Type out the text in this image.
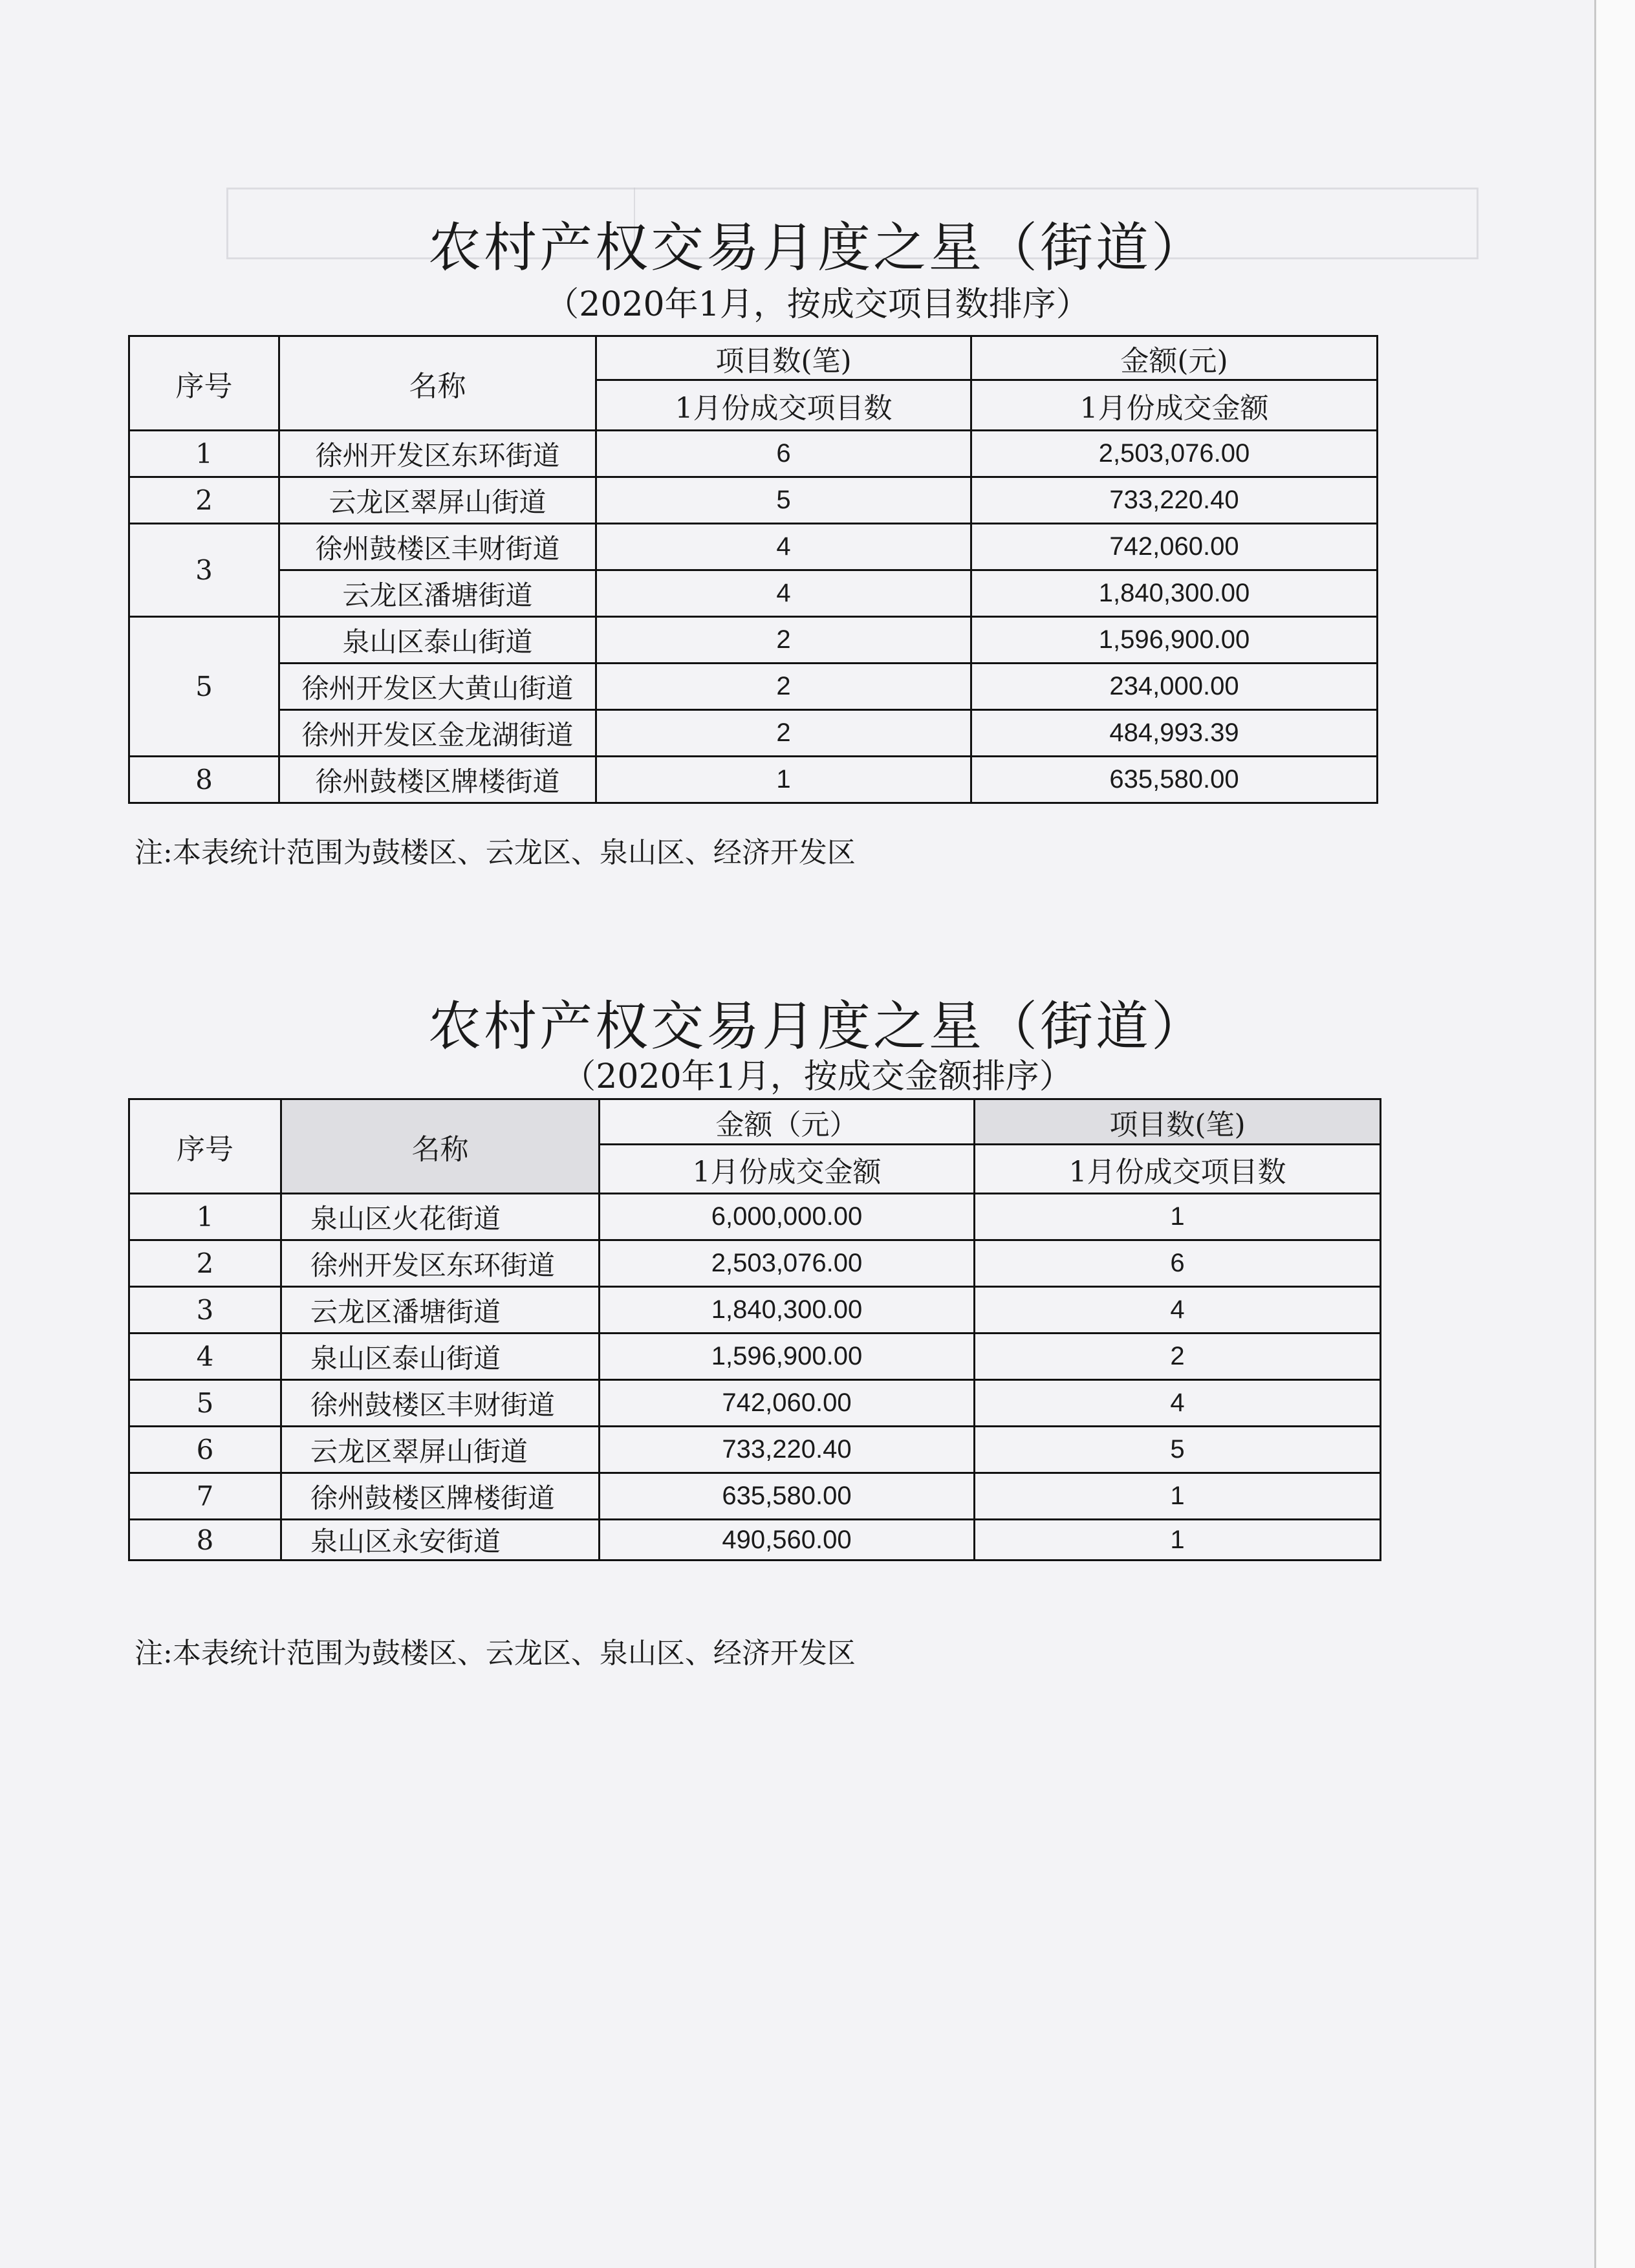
农村产权交易月度之星（街道）
（2020年1月，按成交项目数排序）
序号	名称	项目数(笔)	金额(元)
		1月份成交项目数	1月份成交金额
1	徐州开发区东环街道	6	2,503,076.00
2	云龙区翠屏山街道	5	733,220.40
3	徐州鼓楼区丰财街道	4	742,060.00
	云龙区潘塘街道	4	1,840,300.00
5	泉山区泰山街道	2	1,596,900.00
	徐州开发区大黄山街道	2	234,000.00
	徐州开发区金龙湖街道	2	484,993.39
8	徐州鼓楼区牌楼街道	1	635,580.00
注:本表统计范围为鼓楼区、云龙区、泉山区、经济开发区
农村产权交易月度之星（街道）
（2020年1月，按成交金额排序）
序号	名称	金额（元）	项目数(笔)
		1月份成交金额	1月份成交项目数
1	泉山区火花街道	6,000,000.00	1
2	徐州开发区东环街道	2,503,076.00	6
3	云龙区潘塘街道	1,840,300.00	4
4	泉山区泰山街道	1,596,900.00	2
5	徐州鼓楼区丰财街道	742,060.00	4
6	云龙区翠屏山街道	733,220.40	5
7	徐州鼓楼区牌楼街道	635,580.00	1
8	泉山区永安街道	490,560.00	1
注:本表统计范围为鼓楼区、云龙区、泉山区、经济开发区
